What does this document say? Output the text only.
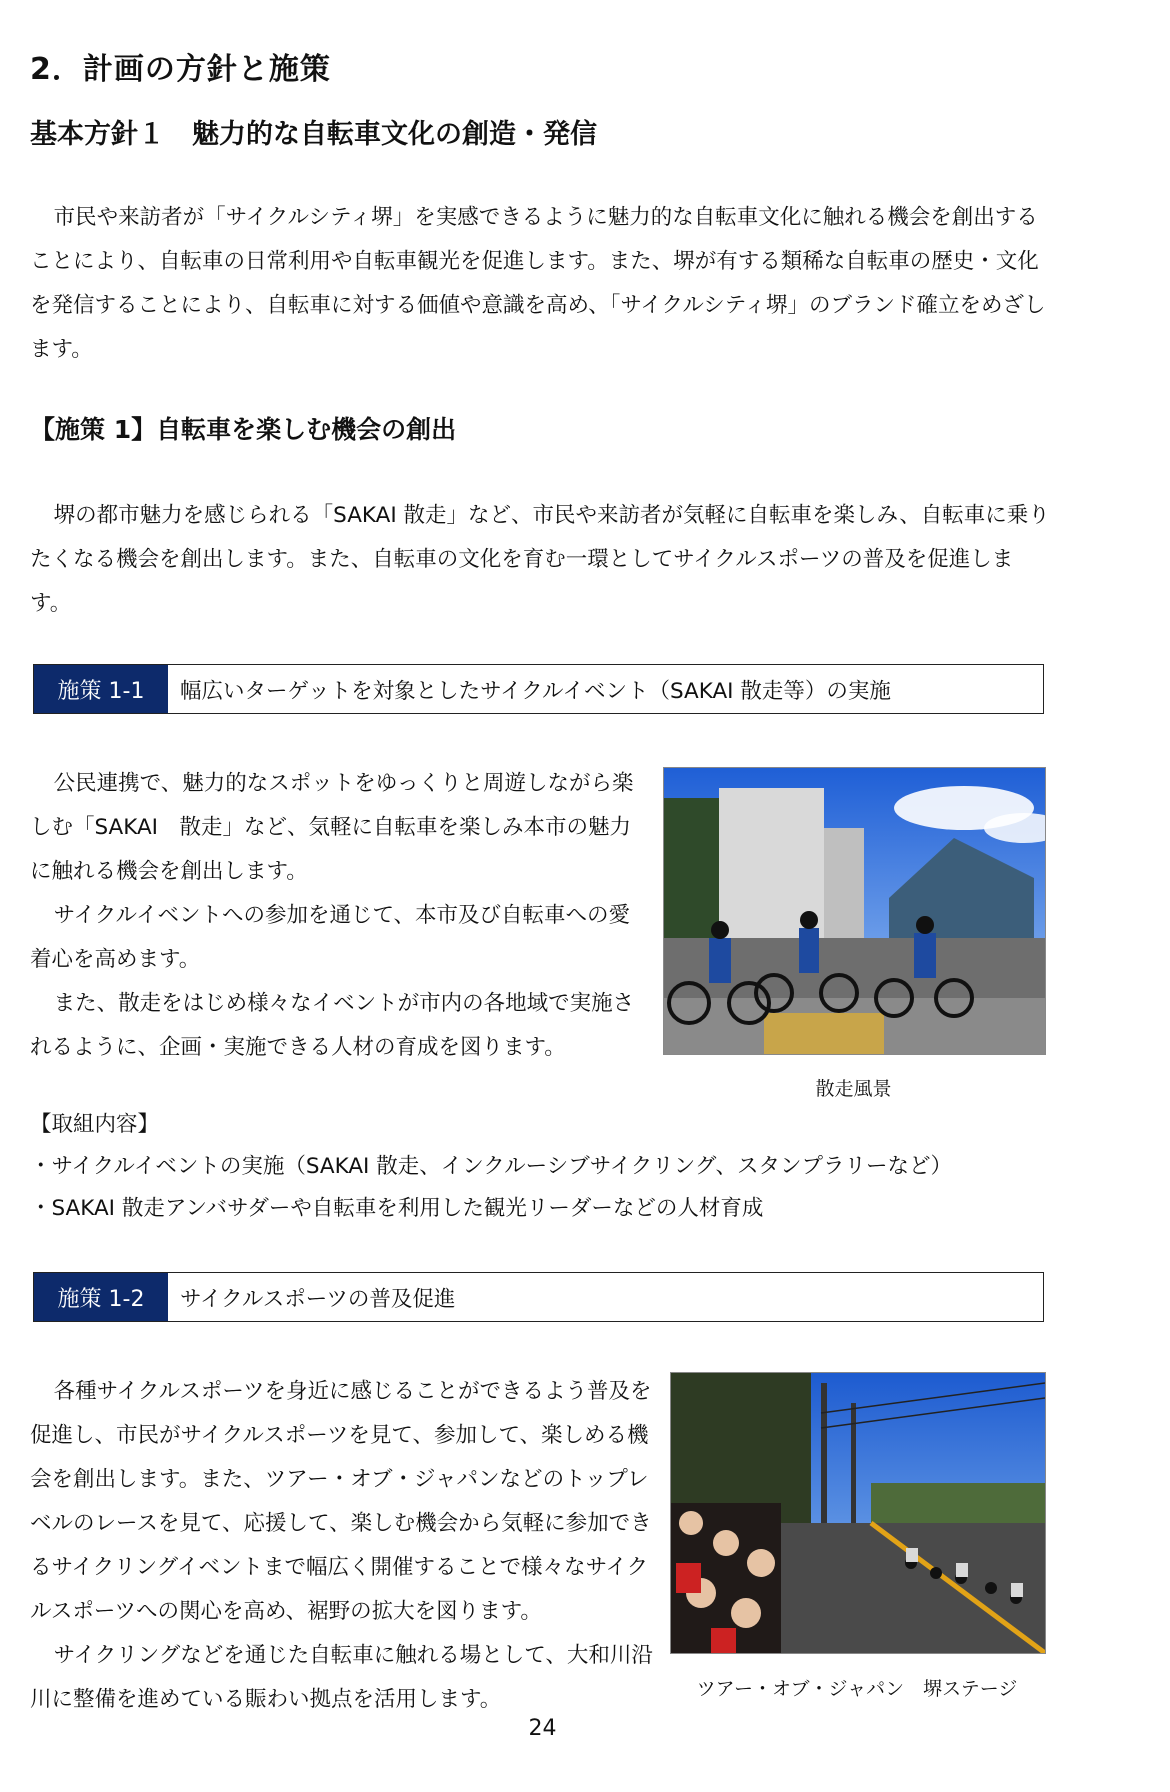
2．計画の方針と施策
基本方針１　魅力的な自転車文化の創造・発信

市民や来訪者が「サイクルシティ堺」を実感できるように魅力的な自転車文化に触れる機会を創出することにより、自転車の日常利用や自転車観光を促進します。また、堺が有する類稀な自転車の歴史・文化を発信することにより、自転車に対する価値や意識を高め、「サイクルシティ堺」のブランド確立をめざします。

【施策 1】自転車を楽しむ機会の創出

堺の都市魅力を感じられる「SAKAI 散走」など、市民や来訪者が気軽に自転車を楽しみ、自転車に乗りたくなる機会を創出します。また、自転車の文化を育む一環としてサイクルスポーツの普及を促進します。

施策 1-1	幅広いターゲットを対象としたサイクルイベント（SAKAI 散走等）の実施

公民連携で、魅力的なスポットをゆっくりと周遊しながら楽しむ「SAKAI　散走」など、気軽に自転車を楽しみ本市の魅力に触れる機会を創出します。

サイクルイベントへの参加を通じて、本市及び自転車への愛着心を高めます。

また、散走をはじめ様々なイベントが市内の各地域で実施されるように、企画・実施できる人材の育成を図ります。

散走風景
【取組内容】
・サイクルイベントの実施（SAKAI 散走、インクルーシブサイクリング、スタンプラリーなど）
・SAKAI 散走アンバサダーや自転車を利用した観光リーダーなどの人材育成
施策 1-2	サイクルスポーツの普及促進

各種サイクルスポーツを身近に感じることができるよう普及を促進し、市民がサイクルスポーツを見て、参加して、楽しめる機会を創出します。また、ツアー・オブ・ジャパンなどのトップレベルのレースを見て、応援して、楽しむ機会から気軽に参加できるサイクリングイベントまで幅広く開催することで様々なサイクルスポーツへの関心を高め、裾野の拡大を図ります。

サイクリングなどを通じた自転車に触れる場として、大和川沿川に整備を進めている賑わい拠点を活用します。	ツアー・オブ・ジャパン　堺ステージ
24
